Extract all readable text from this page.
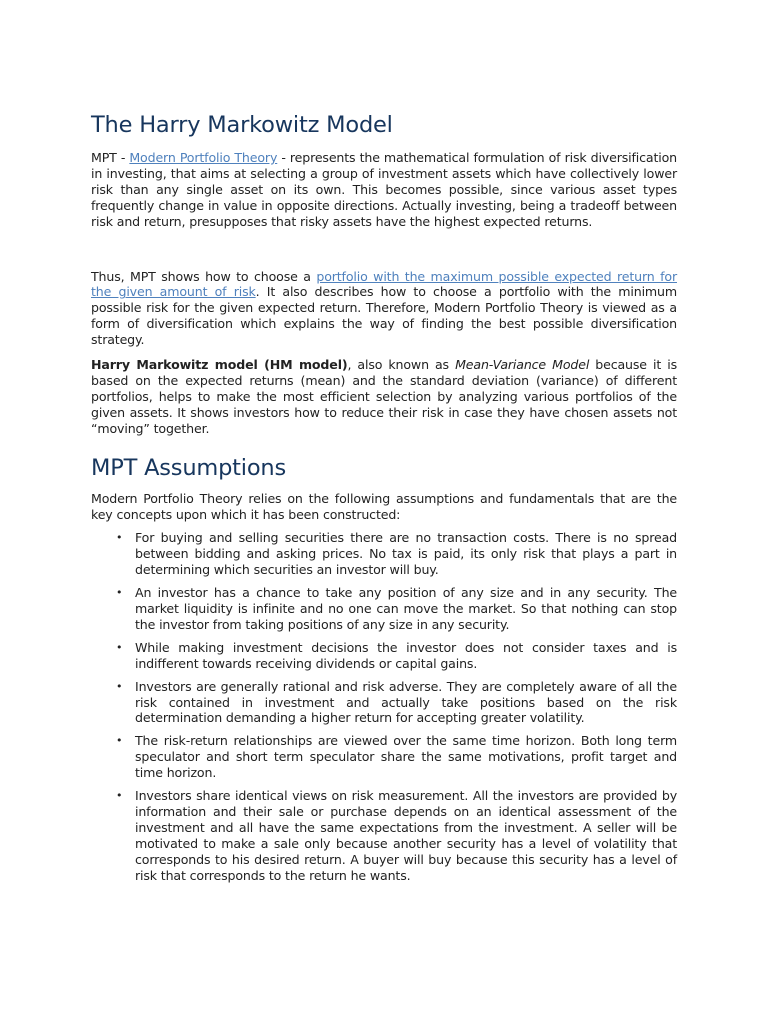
The Harry Markowitz Model

MPT - Modern Portfolio Theory - represents the mathematical formulation of risk diversification in investing, that aims at selecting a group of investment assets which have collectively lower risk than any single asset on its own. This becomes possible, since various asset types frequently change in value in opposite directions. Actually investing, being a tradeoff between risk and return, presupposes that risky assets have the highest expected returns.

Thus, MPT shows how to choose a portfolio with the maximum possible expected return for the given amount of risk. It also describes how to choose a portfolio with the minimum possible risk for the given expected return. Therefore, Modern Portfolio Theory is viewed as a form of diversification which explains the way of finding the best possible diversification strategy.

Harry Markowitz model (HM model), also known as Mean-Variance Model because it is based on the expected returns (mean) and the standard deviation (variance) of different portfolios, helps to make the most efficient selection by analyzing various portfolios of the given assets. It shows investors how to reduce their risk in case they have chosen assets not “moving” together.

MPT Assumptions

Modern Portfolio Theory relies on the following assumptions and fundamentals that are the key concepts upon which it has been constructed:

• For buying and selling securities there are no transaction costs. There is no spread between bidding and asking prices. No tax is paid, its only risk that plays a part in determining which securities an investor will buy.
• An investor has a chance to take any position of any size and in any security. The market liquidity is infinite and no one can move the market. So that nothing can stop the investor from taking positions of any size in any security.
• While making investment decisions the investor does not consider taxes and is indifferent towards receiving dividends or capital gains.
• Investors are generally rational and risk adverse. They are completely aware of all the risk contained in investment and actually take positions based on the risk determination demanding a higher return for accepting greater volatility.
• The risk-return relationships are viewed over the same time horizon. Both long term speculator and short term speculator share the same motivations, profit target and time horizon.
• Investors share identical views on risk measurement. All the investors are provided by information and their sale or purchase depends on an identical assessment of the investment and all have the same expectations from the investment. A seller will be motivated to make a sale only because another security has a level of volatility that corresponds to his desired return. A buyer will buy because this security has a level of risk that corresponds to the return he wants.
